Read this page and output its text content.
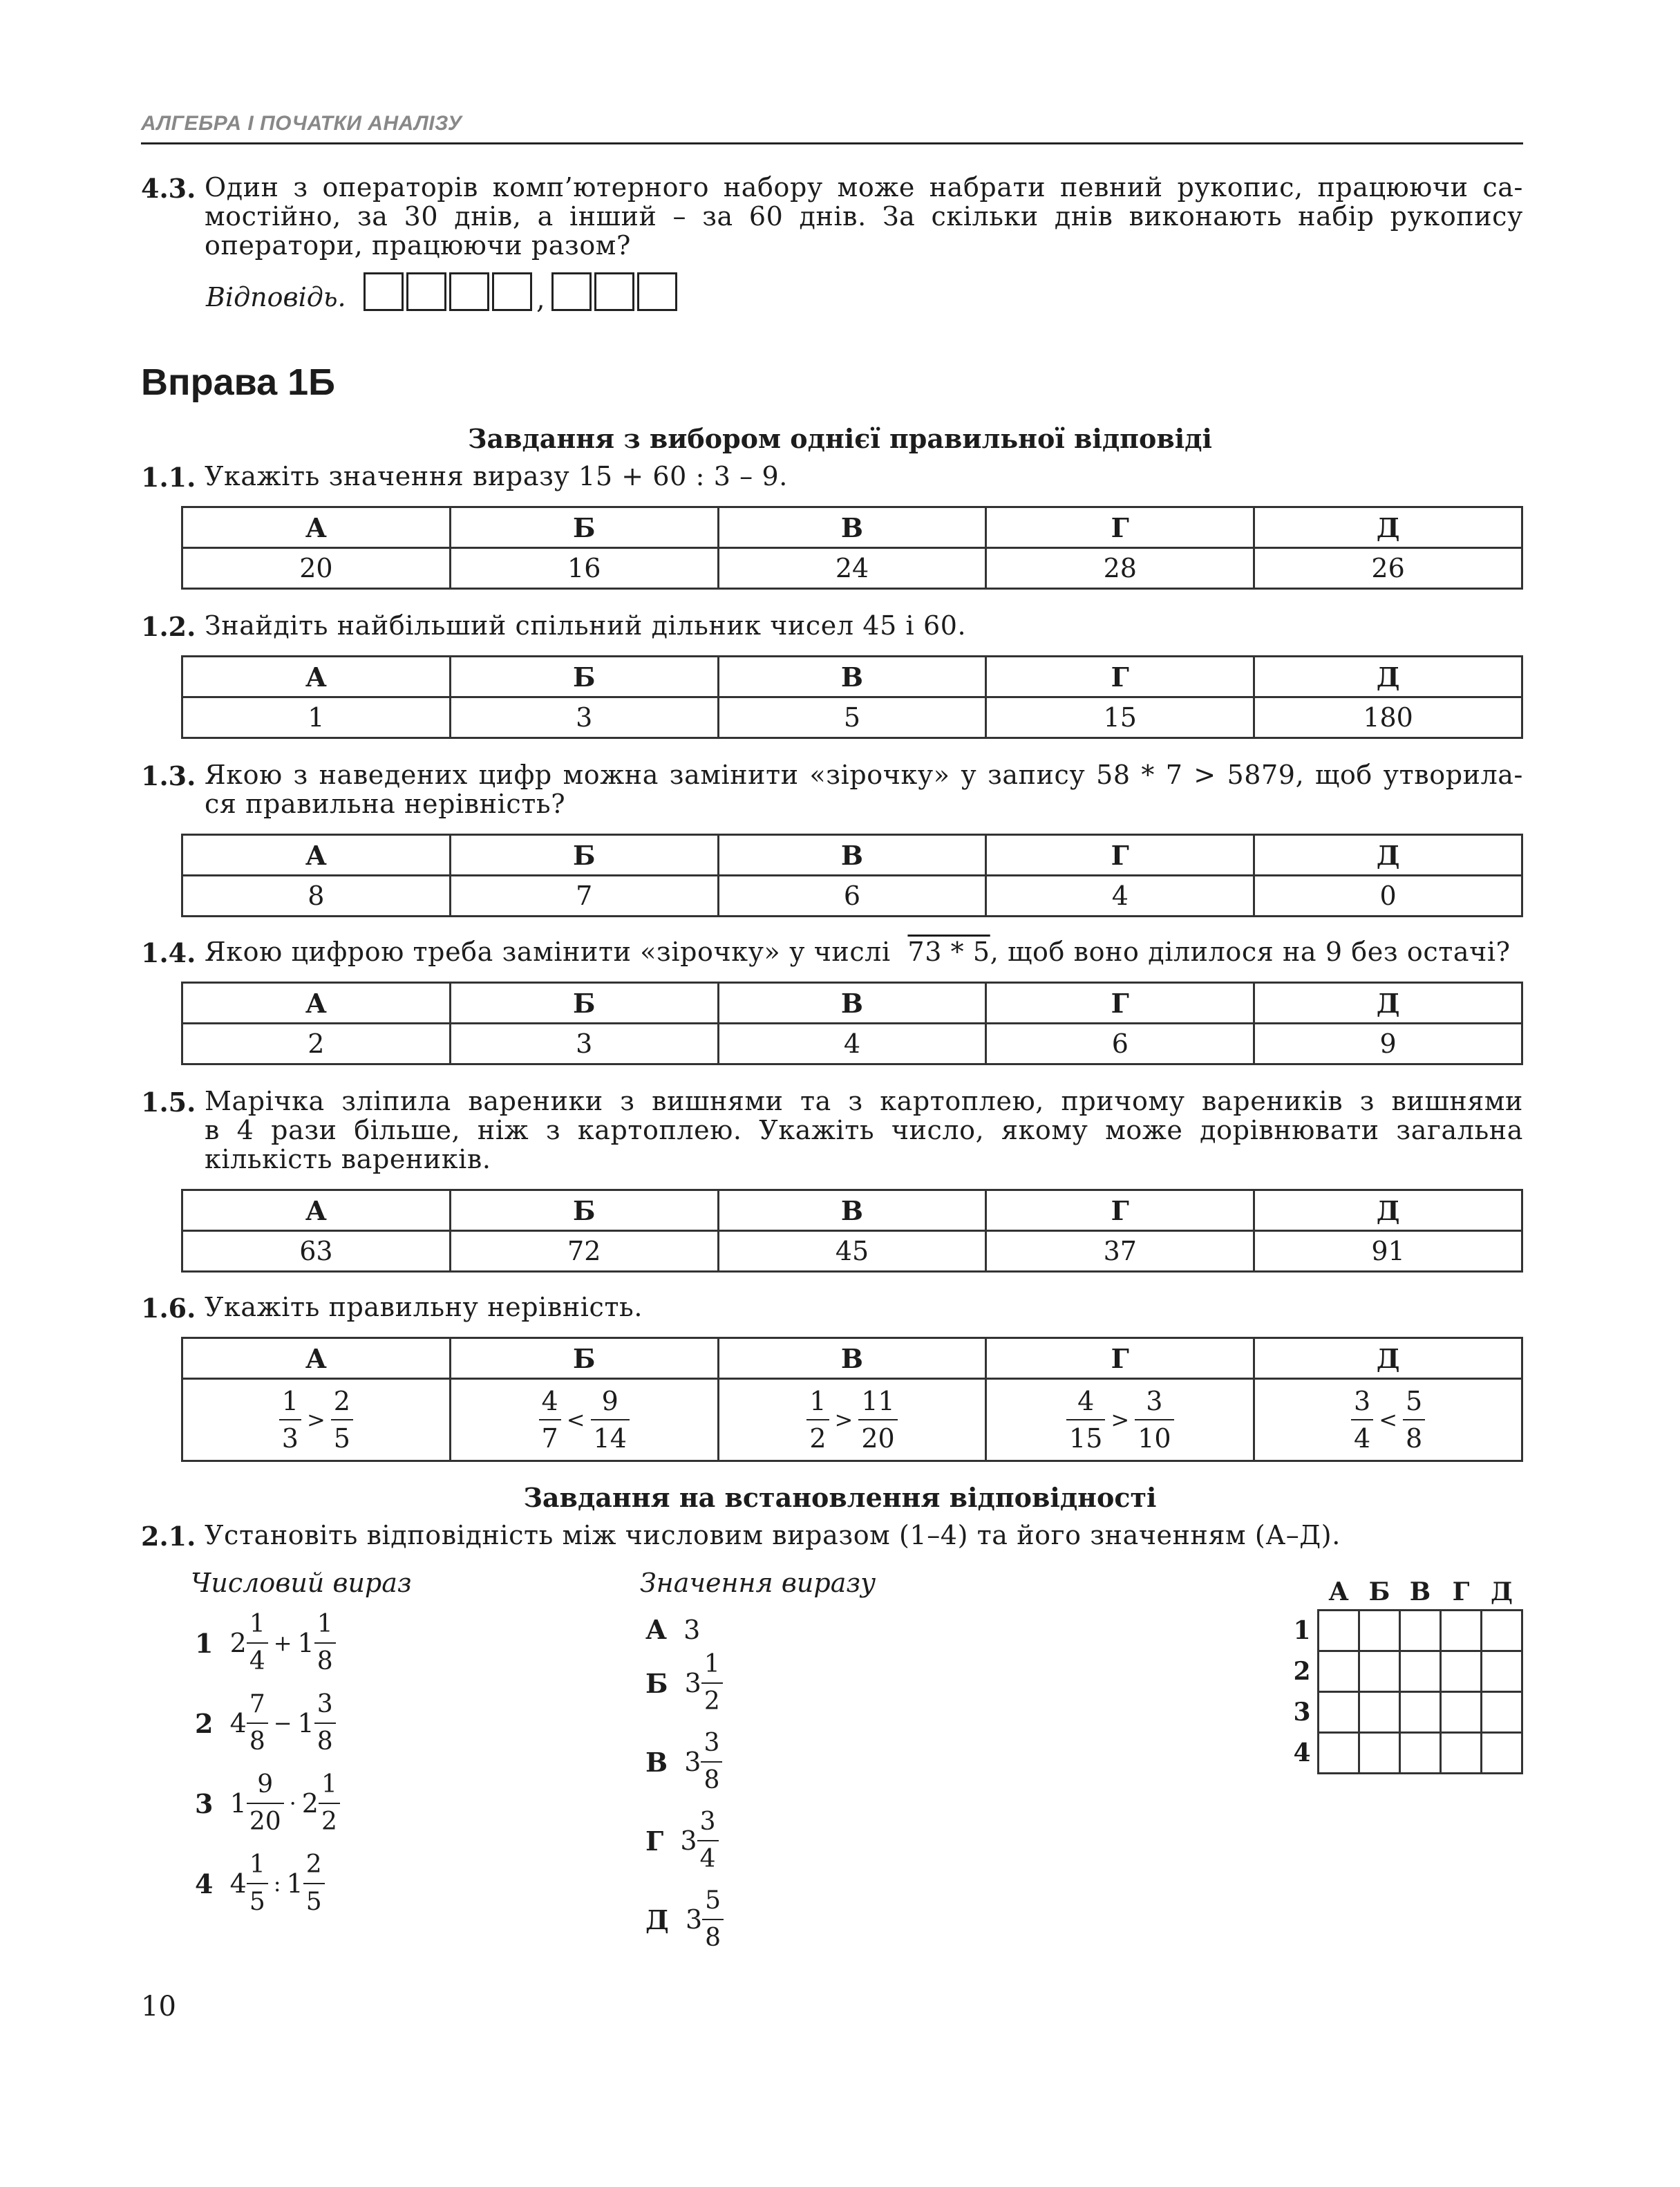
АЛГЕБРА І ПОЧАТКИ АНАЛІЗУ
4.3. Один з операторів комп’ютерного набору може набрати певний рукопис, працюючи са-
мостійно, за 30 днів, а інший – за 60 днів. За скільки днів виконають набір рукопису
оператори, працюючи разом?
Відповідь.	,
Вправа 1Б
Завдання з вибором однієї правильної відповіді
1.1. Укажіть значення виразу 15 + 60 : 3 – 9.
А	Б	В	Г	Д
20	16	24	28	26
1.2. Знайдіть найбільший спільний дільник чисел 45 і 60.
А	Б	В	Г	Д
1	3	5	15	180
1.3. Якою з наведених цифр можна замінити «зірочку» у запису 58 * 7 > 5879, щоб утворила-
ся правильна нерівність?
А	Б	В	Г	Д
8	7	6	4	0
1.4. Якою цифрою треба замінити «зірочку» у числі 73 * 5, щоб воно ділилося на 9 без остачі?
А	Б	В	Г	Д
2	3	4	6	9
1.5. Марічка зліпила вареники з вишнями та з картоплею, причому вареників з вишнями
в 4 рази більше, ніж з картоплею. Укажіть число, якому може дорівнювати загальна
кількість вареників.
А	Б	В	Г	Д
63	72	45	37	91
1.6. Укажіть правильну нерівність.
А	Б	В	Г	Д

$\frac{1}{3} > \frac{2}{5}$	$\frac{4}{7} < \frac{9}{14}$	$\frac{1}{2} > \frac{11}{20}$	$\frac{4}{15} > \frac{3}{10}$	$\frac{3}{4} < \frac{5}{8}$
Завдання на встановлення відповідності
2.1. Установіть відповідність між числовим виразом (1–4) та його значенням (А–Д).
Числовий вираз	Значення виразу
1 $2 \frac{1}{4} + 1 \frac{1}{8}$
2 $4 \frac{7}{8} - 1 \frac{3}{8}$
3 $1 \frac{9}{20} \cdot 2 \frac{1}{2}$
4 $4 \frac{1}{5}$ : $1 \frac{2}{5}$
А 3
Б $3 \frac{1}{2}$
В $3 \frac{3}{8}$
Г $3 \frac{3}{4}$
Д $3 \frac{5}{8}$
А Б В Г Д
1
2
3
4

10
